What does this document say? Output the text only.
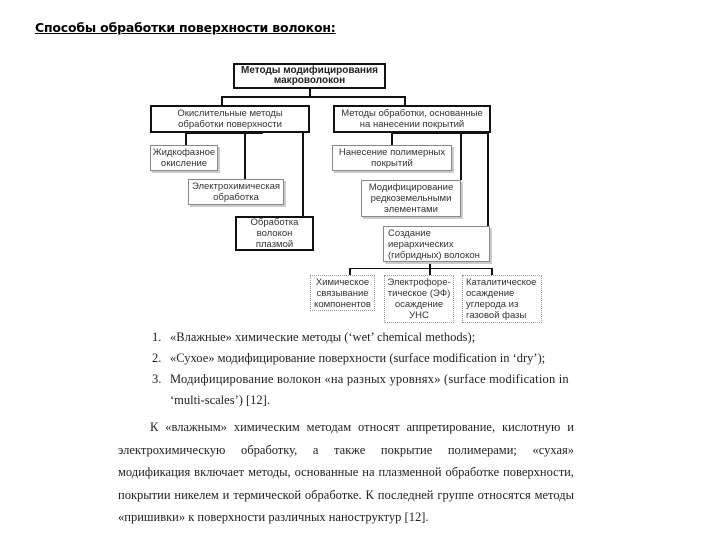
Способы обработки поверхности волокон:
Методы модифицирования макроволокон
Окислительные методы обработки поверхности
Методы обработки, основанные на нанесении покрытий
Жидкофазное окисление
Электрохимическая обработка
Обработка волокон плазмой
Нанесение полимерных покрытий
Модифицирование редкоземельными элементами
Создание иерархических (гибридных) волокон
Химическое связывание компонентов
Электрофоре-тическое (ЭФ) осаждение УНС
Каталитическое осаждение углерода из газовой фазы
1. «Влажные» химические методы (‘wet’ chemical methods);
2. «Сухое» модифицирование поверхности (surface modification in ‘dry’);
3. Модифицирование волокон «на разных уровнях» (surface modification in
‘multi-scales’) [12].
К «влажным» химическим методам относят аппретирование, кислотную и электрохимическую обработку, а также покрытие полимерами; «сухая» модификация включает методы, основанные на плазменной обработке поверхности, покрытии никелем и термической обработке. К последней группе относятся методы «пришивки» к поверхности различных наноструктур [12].
